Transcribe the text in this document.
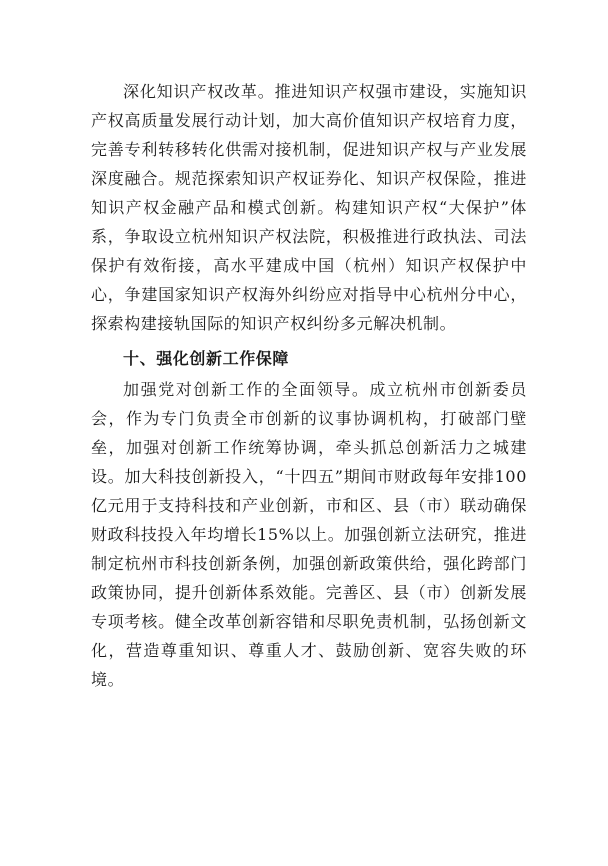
深化知识产权改革。推进知识产权强市建设，实施知识产权高质量发展行动计划，加大高价值知识产权培育力度，完善专利转移转化供需对接机制，促进知识产权与产业发展深度融合。规范探索知识产权证券化、知识产权保险，推进知识产权金融产品和模式创新。构建知识产权“大保护”体系，争取设立杭州知识产权法院，积极推进行政执法、司法保护有效衔接，高水平建成中国（杭州）知识产权保护中心，争建国家知识产权海外纠纷应对指导中心杭州分中心，探索构建接轨国际的知识产权纠纷多元解决机制。

十、强化创新工作保障

加强党对创新工作的全面领导。成立杭州市创新委员会，作为专门负责全市创新的议事协调机构，打破部门壁垒，加强对创新工作统筹协调，牵头抓总创新活力之城建设。加大科技创新投入，“十四五”期间市财政每年安排100亿元用于支持科技和产业创新，市和区、县（市）联动确保财政科技投入年均增长15%以上。加强创新立法研究，推进制定杭州市科技创新条例，加强创新政策供给，强化跨部门政策协同，提升创新体系效能。完善区、县（市）创新发展专项考核。健全改革创新容错和尽职免责机制，弘扬创新文化，营造尊重知识、尊重人才、鼓励创新、宽容失败的环境。
